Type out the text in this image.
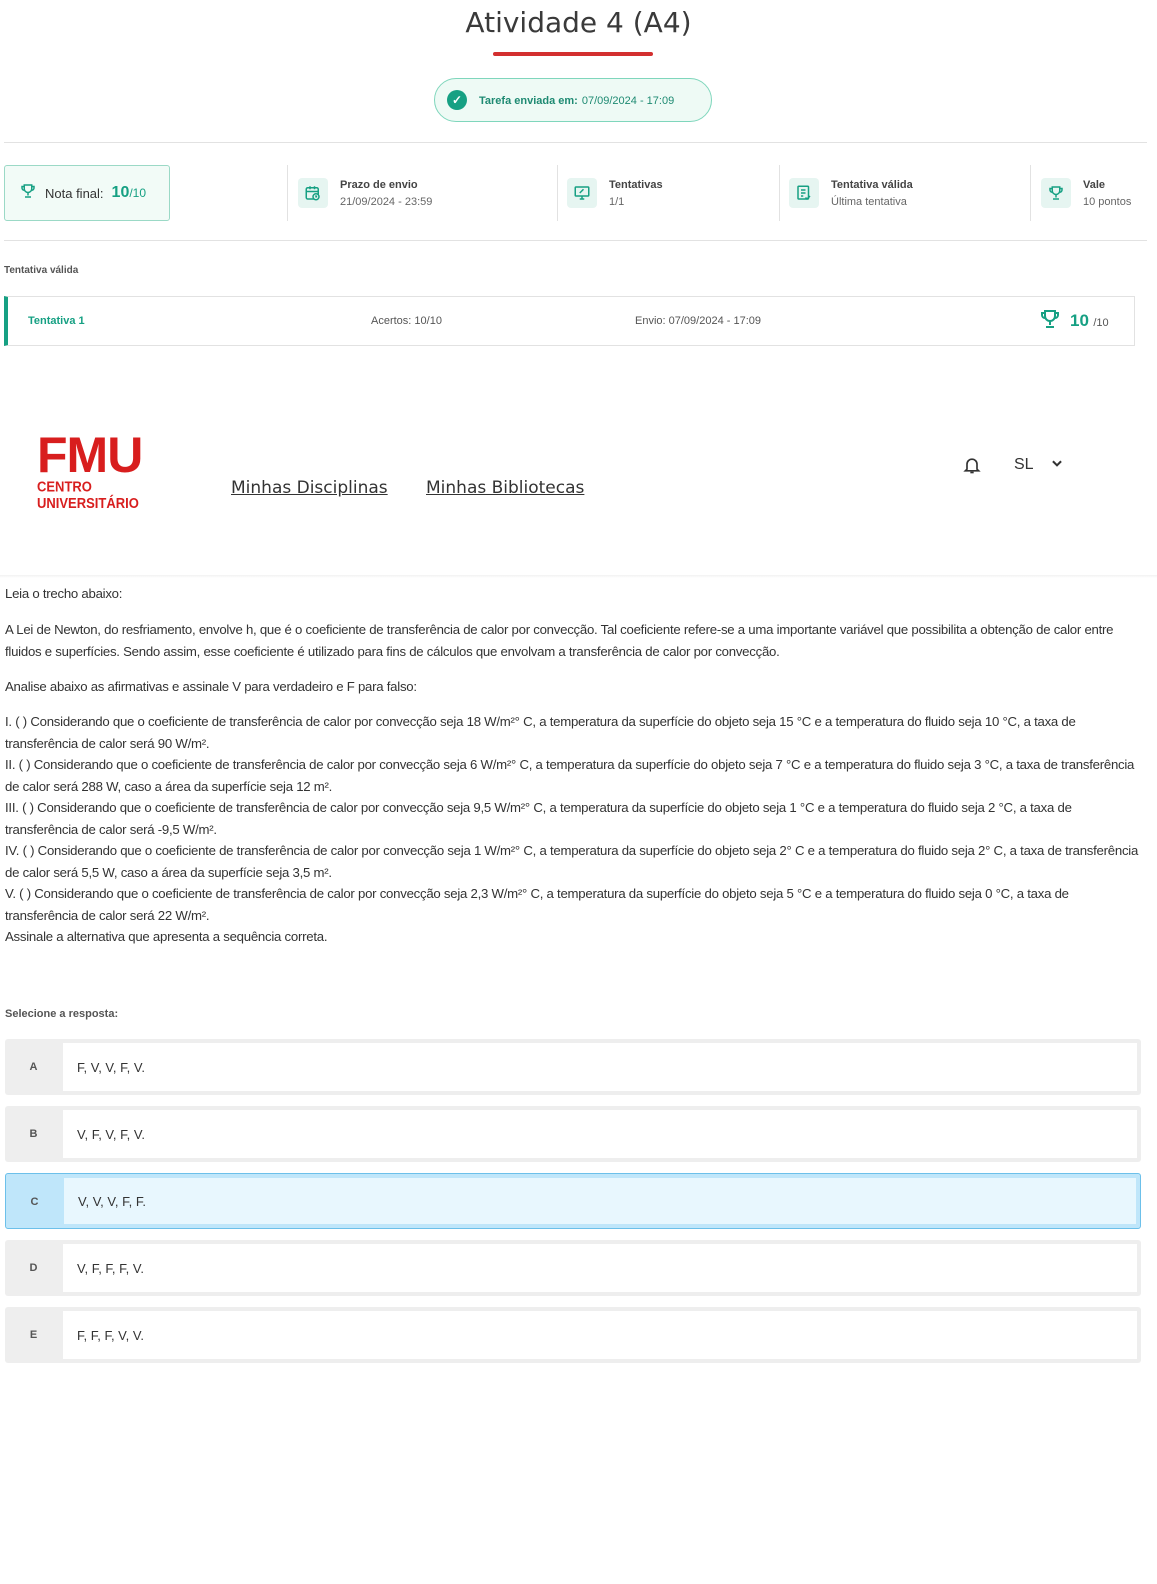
Atividade 4 (A4)
✓	Tarefa enviada em: 07/09/2024 - 17:09
Nota final: 10/10
Prazo de envio
21/09/2024 - 23:59
Tentativas
1/1
Tentativa válida
Última tentativa
Vale
10 pontos
Tentativa válida
Tentativa 1	Acertos: 10/10	Envio: 07/09/2024 - 17:09	10 /10
FMU
CENTRO UNIVERSITÁRIO
Minhas Disciplinas Minhas Bibliotecas
SL

Leia o trecho abaixo:

A Lei de Newton, do resfriamento, envolve h, que é o coeficiente de transferência de calor por convecção. Tal coeficiente refere-se a uma importante variável que possibilita a obtenção de calor entre fluidos e superfícies. Sendo assim, esse coeficiente é utilizado para fins de cálculos que envolvam a transferência de calor por convecção.

Analise abaixo as afirmativas e assinale V para verdadeiro e F para falso:

I. ( ) Considerando que o coeficiente de transferência de calor por convecção seja 18 W/m²° C, a temperatura da superfície do objeto seja 15 °C e a temperatura do fluido seja 10 °C, a taxa de transferência de calor será 90 W/m².

II. ( ) Considerando que o coeficiente de transferência de calor por convecção seja 6 W/m²° C, a temperatura da superfície do objeto seja 7 °C e a temperatura do fluido seja 3 °C, a taxa de transferência de calor será 288 W, caso a área da superfície seja 12 m².

III. ( ) Considerando que o coeficiente de transferência de calor por convecção seja 9,5 W/m²° C, a temperatura da superfície do objeto seja 1 °C e a temperatura do fluido seja 2 °C, a taxa de transferência de calor será -9,5 W/m².

IV. ( ) Considerando que o coeficiente de transferência de calor por convecção seja 1 W/m²° C, a temperatura da superfície do objeto seja 2° C e a temperatura do fluido seja 2° C, a taxa de transferência de calor será 5,5 W, caso a área da superfície seja 3,5 m².

V. ( ) Considerando que o coeficiente de transferência de calor por convecção seja 2,3 W/m²° C, a temperatura da superfície do objeto seja 5 °C e a temperatura do fluido seja 0 °C, a taxa de transferência de calor será 22 W/m².

Assinale a alternativa que apresenta a sequência correta.

Selecione a resposta:
A	F, V, V, F, V.
B	V, F, V, F, V.
C	V, V, V, F, F.
D	V, F, F, F, V.
E	F, F, F, V, V.
